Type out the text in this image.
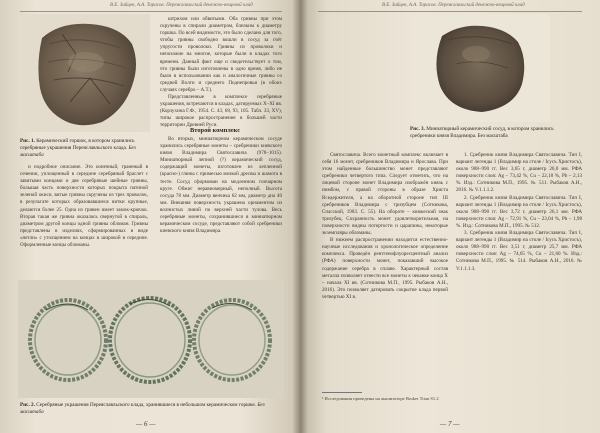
В.Е. Зайцев, А.А. Тарасов. Переяславльский денежно-вещевой клад
Рис. 1. Керамический горшок, в котором хранились серебряные украшения Переяславльского клада. Без масштаба

штрихом или обвитыми. Оба гривны при этом скручены в спирали диаметром, близким к диаметру горшка. По всей видимости, это было сделано для того, чтобы гривны свободно вошли в сосуд за счёт упругости проволоки. Гривны из проволоки и непохожие на многие, которые были в кладах того времени. Данный факт еще и свидетельствует о том, что гривны были изготовлены в одно время, либо не были в использовании как и аналогичные гривны со средней Волги и среднего Поднепровья (в обоих случаях серебро – А.Т.).

Представленные в комплексе серебряные украшения, встречаются в кладах, датируемых X–XI вв. (Корзухина Г.Ф., 1954. С. 43, 68, 93, 105. Табл. 33, XV), типы широкое распространение в большей части территории Древней Руси.

Второй комплекс

и подробное описание. Это конечный, граненый в сечении, уплощенный в середине серебряный браслет с завитыми концами и две серебряные шейные гривны, большая часть поверхности которых покрыта патиной зеленой окиси, витые гривны скручены из трех проволок, в результате которых образовавшиеся витки крупные, делаются более 25. Одна из гривен имеет замок-крючок. Вторая такая же гривна оказалась свернутой в спираль, диаметром другой концы одной гривны обломан. Гривны представлены в изделиях, сформированных в виде «петли» с утолщением на концах и широкой в середине. Оформленные концы обломаны.

Во вторых, миниатюрном керамическом сосуде хранились серебряные монеты – сребреники киевского князя Владимира Святославича (978–1015). Миниатюрный лепной (?) керамический сосуд, содержащий монеты, изготовлен из лепленной (красно-) глины с примесью мелкой дресвы и шамота в тесте. Сосуд сформован на медленном гончарном круге. Обжиг неравномерный, неполный. Высота сосуда 78 мм. Диаметр венчика 62 мм, диаметр дна 40 мм. Внешняя поверхность украшена орнаментом из волнистых линий по верхней части тулова. Весь серебряные монеты, сохранившиеся в миниатюрном керамическом сосуде, представляют собой сребреники киевского князя Владимира.

Рис. 2. Серебряные украшения Переяславльского клада, хранившиеся в небольшом керамическом горшке. Без масштаба
— 6 —
В.Е. Зайцев, А.А. Тарасов. Переяславльский денежно-вещевой клад
Рис. 3. Миниатюрный керамический сосуд, в котором хранились сребреники князя Владимира. Без масштаба

Святославича. Всего монетный комплекс включает в себя 16 монет, сребреников Владимира и Ярослава. При этом найденные большинство монет представляют сребреники четвертого типа. Следует отметить, что на лицевой стороне монет Владимира изображён князь с нимбом, с правой стороны в образе Христа Вседержителя, а на оборотной стороне тип III сребреников Владимира с тризубцем (Сотникова, Спасский, 1983. С. 55). На обороте – княжеский знак тризубец. Сохранность монет удовлетворительная, на поверхности видны потертости и царапины, некоторые экземпляры обломаны.

В нижнем распространении находится естественно-научные исследования и хронологическое определение комплекса. Проведён рентгенофлуоресцентный анализ (РФА) поверхности монет, показавший высокое содержание серебра в сплаве. Характерный состав металла позволяет отнести все монеты к чеканке конца X – начала XI вв. (Сотникова М.П., 1995. Рыбаков А.Н., 2016). Это позволяет датировать сокрытие клада первой четвертью XI в.

1. Сребреник князя Владимира Святославича. Тип I, вариант легенды 1 (Владимир на столе / Ісусъ Христосъ), около 988–990 гг. Вес 3,65 г, диаметр 26,0 мм. РФА поверхности слоя: Ag – 73,42 %, Cu – 22,18 %, Pb – 2,13 %. Изд.: Сотникова М.П., 1995. № 511. Рыбаков А.Н., 2016. № V.1.1.1.2.

2. Сребреник князя Владимира Святославича. Тип I, вариант легенды 1 (Владимир на столе / Ісусъ Христосъ), около 988–990 гг. Вес 3,72 г, диаметр 26,1 мм. РФА поверхности слоя: Ag – 72,91 %, Cu – 23,04 %, Pb – 1,98 %. Изд.: Сотникова М.П., 1995. № 512.

3. Сребреник князя Владимира Святославича. Тип I, вариант легенды 1 (Владимир на столе / Ісусъ Христосъ), около 988–990 гг. Вес 3,51 г, диаметр 25,7 мм. РФА поверхности слоя: Ag – 74,05 %, Cu – 21,60 %. Изд.: Сотникова М.П., 1995. № 514. Рыбаков А.Н., 2016. № V.1.1.1.3.

¹ Исследования проведены на анализаторе Bruker Titan S1.2
— 7 —
